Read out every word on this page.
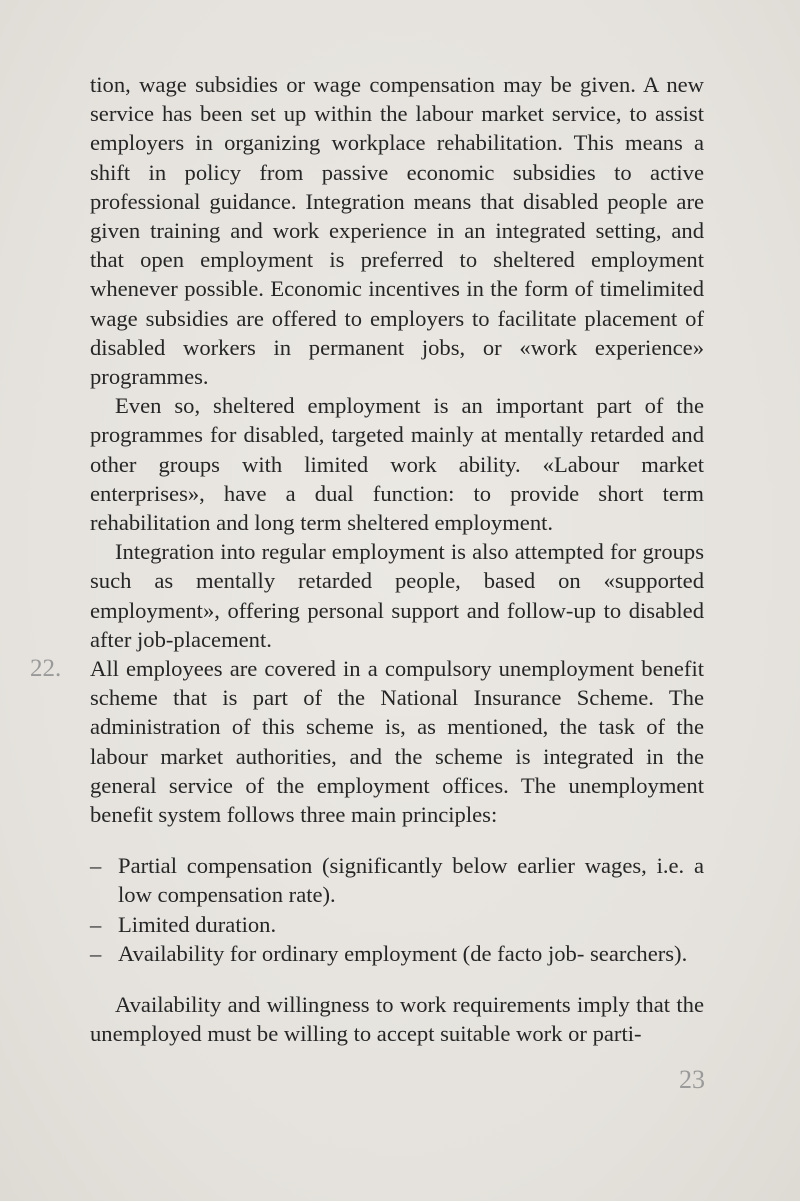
tion, wage subsidies or wage compensation may be given. A new service has been set up within the labour market service, to assist employers in organizing workplace rehabilitation. This means a shift in policy from passive economic subsidies to active professional guidance. Integration means that disabled people are given training and work experience in an integrated setting, and that open employment is preferred to sheltered employment whenever possible. Economic incentives in the form of timelimited wage subsidies are offered to employers to facilitate placement of disabled workers in permanent jobs, or «work experience» programmes.

Even so, sheltered employment is an important part of the programmes for disabled, targeted mainly at mentally retarded and other groups with limited work ability. «Labour market enterprises», have a dual function: to provide short term rehabilitation and long term sheltered employment.

Integration into regular employment is also attempted for groups such as mentally retarded people, based on «supported employment», offering personal support and follow-up to disabled after job-placement.

22.	All employees are covered in a compulsory unemployment benefit scheme that is part of the National Insurance Scheme. The administration of this scheme is, as mentioned, the task of the labour market authorities, and the scheme is integrated in the general service of the employment offices. The unemployment benefit system follows three main principles:

– Partial compensation (significantly below earlier wages, i.e. a low compensation rate).
– Limited duration.
– Availability for ordinary employment (de facto job- searchers).

Availability and willingness to work requirements imply that the unemployed must be willing to accept suitable work or parti-

23
